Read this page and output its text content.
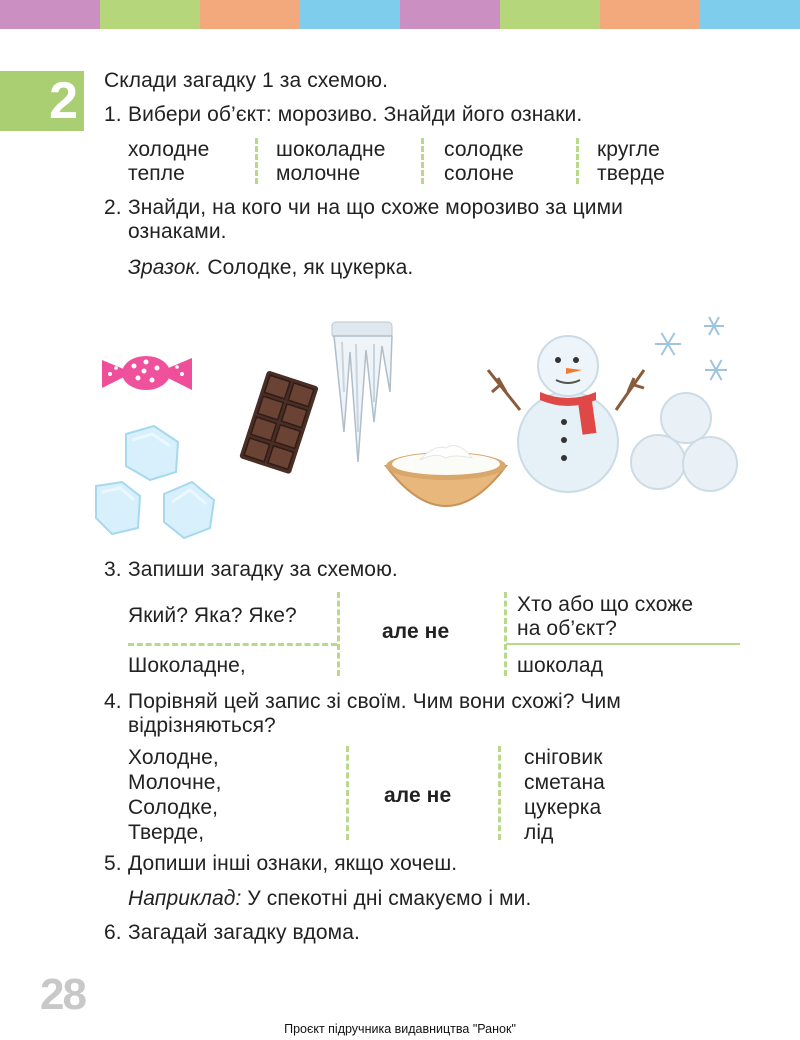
2 Склади загадку 1 за схемою.
1. Вибери об’єкт: морозиво. Знайди його ознаки.
холодне
тепле
шоколадне
молочне
солодке
солоне
кругле
тверде
2. Знайди, на кого чи на що схоже морозиво за цими
ознаками.
Зразок. Солодке, як цукерка.
3. Запиши загадку за схемою.
Який? Яка? Яке?
але не
Хто або що схоже
на об’єкт?
Шоколадне,	шоколад
4. Порівняй цей запис зі своїм. Чим вони схожі? Чим
відрізняються?
Холодне,
Молочне,
Солодке,
Тверде,
але не
сніговик
сметана
цукерка
лід
5. Допиши інші ознаки, якщо хочеш.
Наприклад: У спекотні дні смакуємо і ми.
6. Загадай загадку вдома.
28
Проєкт підручника видавництва "Ранок"
